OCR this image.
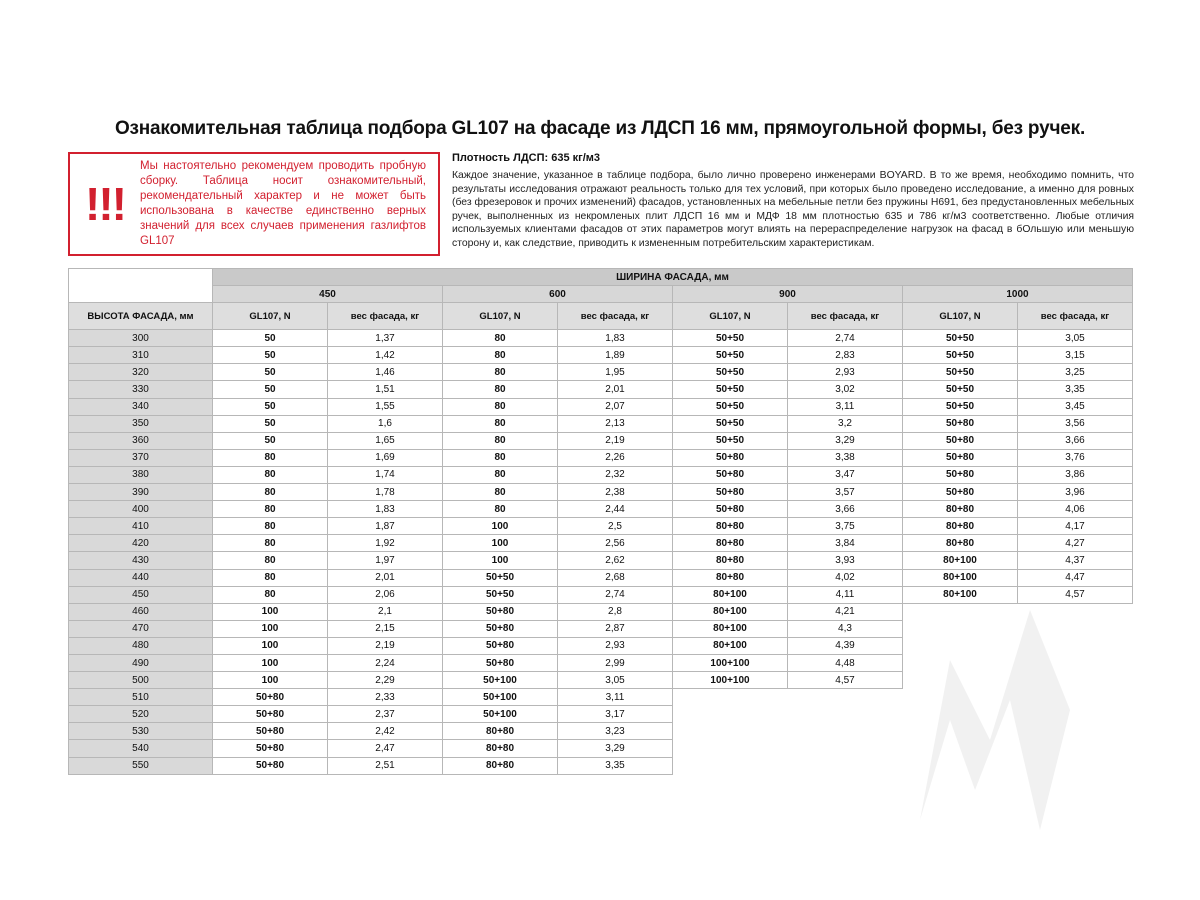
Ознакомительная таблица подбора GL107 на фасаде из ЛДСП 16 мм, прямоугольной формы, без ручек.
!!!
Мы настоятельно рекомендуем проводить пробную сборку. Таблица носит ознакомительный, рекомендательный характер и не может быть использована в качестве единственно верных значений для всех случаев применения газлифтов GL107
Плотность ЛДСП: 635 кг/м3
Каждое значение, указанное в таблице подбора, было лично проверено инженерами BOYARD. В то же время, необходимо помнить, что результаты исследования отражают реальность только для тех условий, при которых было проведено исследование, а именно для ровных (без фрезеровок и прочих изменений) фасадов, установленных на мебельные петли без пружины H691, без предустановленных мебельных ручек, выполненных из некромленых плит ЛДСП 16 мм и МДФ 18 мм плотностью 635 и 786 кг/м3 соответственно. Любые отличия используемых клиентами фасадов от этих параметров могут влиять на перераспределение нагрузок на фасад в бОльшую или меньшую сторону и, как следствие, приводить к измененным потребительским характеристикам.
	ШИРИНА ФАСАДА, мм							
	450		600		900		1000	
ВЫСОТА ФАСАДА, мм	GL107, N	вес фасада, кг	GL107, N	вес фасада, кг	GL107, N	вес фасада, кг	GL107, N	вес фасада, кг
300	50	1,37	80	1,83	50+50	2,74	50+50	3,05
310	50	1,42	80	1,89	50+50	2,83	50+50	3,15
320	50	1,46	80	1,95	50+50	2,93	50+50	3,25
330	50	1,51	80	2,01	50+50	3,02	50+50	3,35
340	50	1,55	80	2,07	50+50	3,11	50+50	3,45
350	50	1,6	80	2,13	50+50	3,2	50+80	3,56
360	50	1,65	80	2,19	50+50	3,29	50+80	3,66
370	80	1,69	80	2,26	50+80	3,38	50+80	3,76
380	80	1,74	80	2,32	50+80	3,47	50+80	3,86
390	80	1,78	80	2,38	50+80	3,57	50+80	3,96
400	80	1,83	80	2,44	50+80	3,66	80+80	4,06
410	80	1,87	100	2,5	80+80	3,75	80+80	4,17
420	80	1,92	100	2,56	80+80	3,84	80+80	4,27
430	80	1,97	100	2,62	80+80	3,93	80+100	4,37
440	80	2,01	50+50	2,68	80+80	4,02	80+100	4,47
450	80	2,06	50+50	2,74	80+100	4,11	80+100	4,57
460	100	2,1	50+80	2,8	80+100	4,21		
470	100	2,15	50+80	2,87	80+100	4,3		
480	100	2,19	50+80	2,93	80+100	4,39		
490	100	2,24	50+80	2,99	100+100	4,48		
500	100	2,29	50+100	3,05	100+100	4,57		
510	50+80	2,33	50+100	3,11				
520	50+80	2,37	50+100	3,17				
530	50+80	2,42	80+80	3,23				
540	50+80	2,47	80+80	3,29				
550	50+80	2,51	80+80	3,35				
